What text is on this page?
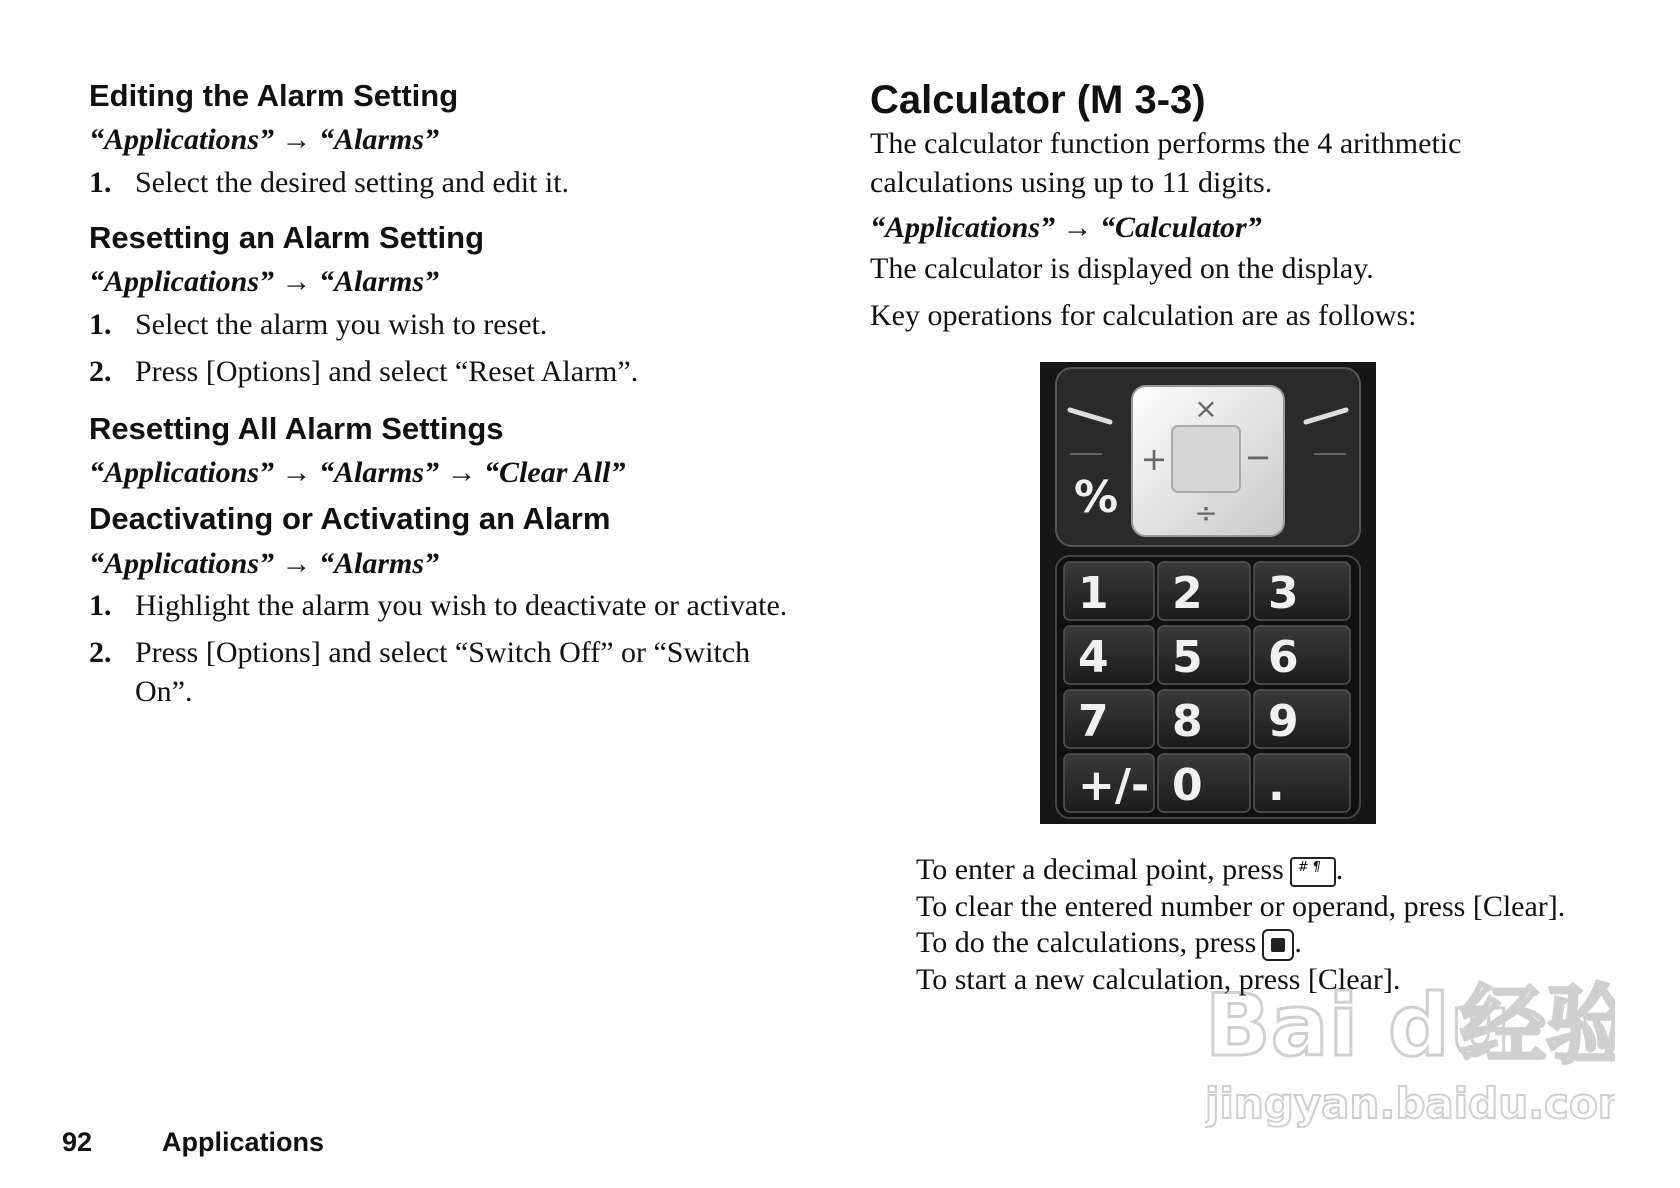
Editing the Alarm Setting

“Applications” → “Alarms”

1. Select the desired setting and edit it.
Resetting an Alarm Setting

“Applications” → “Alarms”

1. Select the alarm you wish to reset.
2. Press [Options] and select “Reset Alarm”.
Resetting All Alarm Settings

“Applications” → “Alarms” → “Clear All”

Deactivating or Activating an Alarm

“Applications” → “Alarms”

1. Highlight the alarm you wish to deactivate or activate.
2. Press [Options] and select “Switch Off” or “Switch On”.
Calculator (M 3-3)

The calculator function performs the 4 arithmetic calculations using up to 11 digits.

“Applications” → “Calculator”

The calculator is displayed on the display.

Key operations for calculation are as follows:

%
×
+ −
÷
1 2 3
4 5 6
7 8 9
+/- 0 .

To enter a decimal point, press# ¶ .

To clear the entered number or operand, press [Clear].

To do the calculations, press .

To start a new calculation, press [Clear].

92	Applications
Bai du
经验
jingyan.baidu.com
